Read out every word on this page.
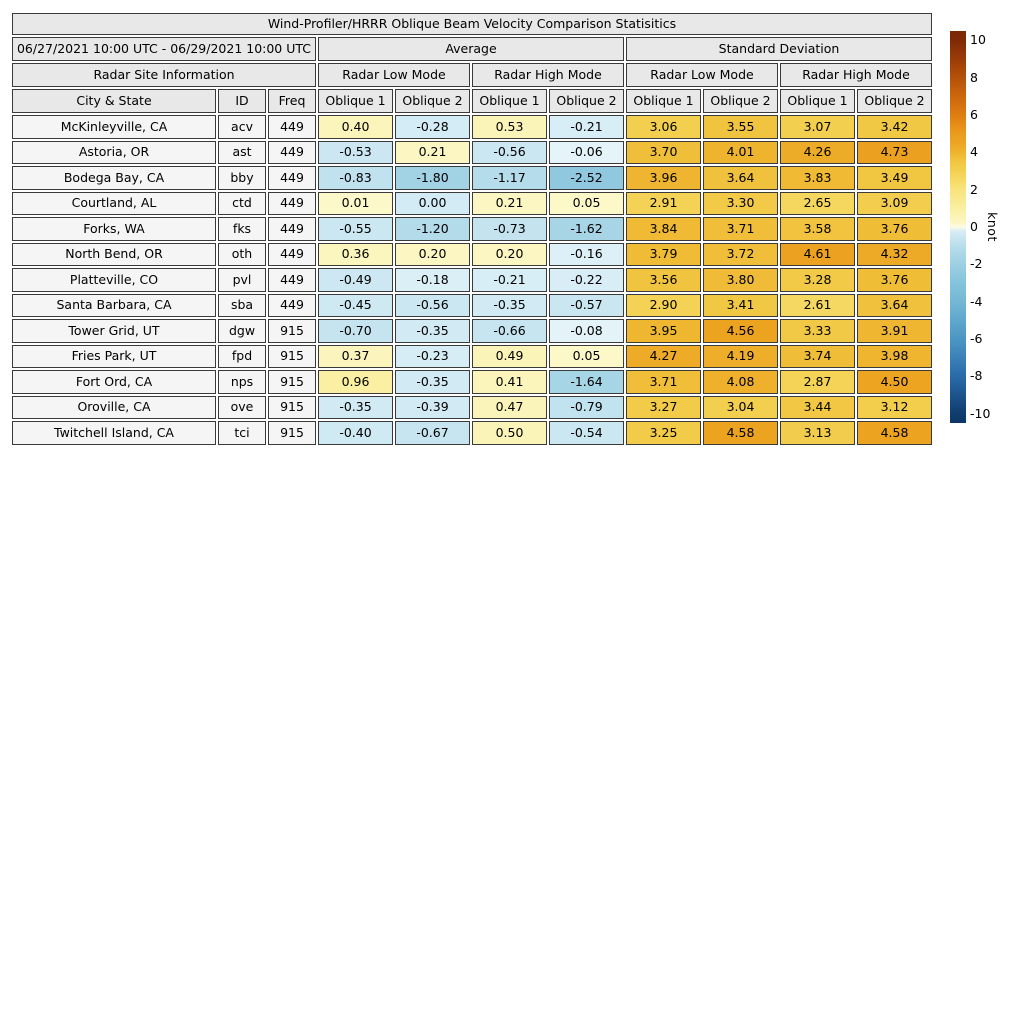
Wind-Profiler/HRRR Oblique Beam Velocity Comparison Statisitics										
06/27/2021 10:00 UTC - 06/29/2021 10:00 UTC			Average				Standard Deviation			
Radar Site Information			Radar Low Mode		Radar High Mode		Radar Low Mode		Radar High Mode	
City & State	ID	Freq	Oblique 1	Oblique 2	Oblique 1	Oblique 2	Oblique 1	Oblique 2	Oblique 1	Oblique 2
McKinleyville, CA	acv	449	0.40	-0.28	0.53	-0.21	3.06	3.55	3.07	3.42
Astoria, OR	ast	449	-0.53	0.21	-0.56	-0.06	3.70	4.01	4.26	4.73
Bodega Bay, CA	bby	449	-0.83	-1.80	-1.17	-2.52	3.96	3.64	3.83	3.49
Courtland, AL	ctd	449	0.01	0.00	0.21	0.05	2.91	3.30	2.65	3.09
Forks, WA	fks	449	-0.55	-1.20	-0.73	-1.62	3.84	3.71	3.58	3.76
North Bend, OR	oth	449	0.36	0.20	0.20	-0.16	3.79	3.72	4.61	4.32
Platteville, CO	pvl	449	-0.49	-0.18	-0.21	-0.22	3.56	3.80	3.28	3.76
Santa Barbara, CA	sba	449	-0.45	-0.56	-0.35	-0.57	2.90	3.41	2.61	3.64
Tower Grid, UT	dgw	915	-0.70	-0.35	-0.66	-0.08	3.95	4.56	3.33	3.91
Fries Park, UT	fpd	915	0.37	-0.23	0.49	0.05	4.27	4.19	3.74	3.98
Fort Ord, CA	nps	915	0.96	-0.35	0.41	-1.64	3.71	4.08	2.87	4.50
Oroville, CA	ove	915	-0.35	-0.39	0.47	-0.79	3.27	3.04	3.44	3.12
Twitchell Island, CA	tci	915	-0.40	-0.67	0.50	-0.54	3.25	4.58	3.13	4.58
10
8
6
4
2
0
-2
-4
-6
-8
-10
knot
